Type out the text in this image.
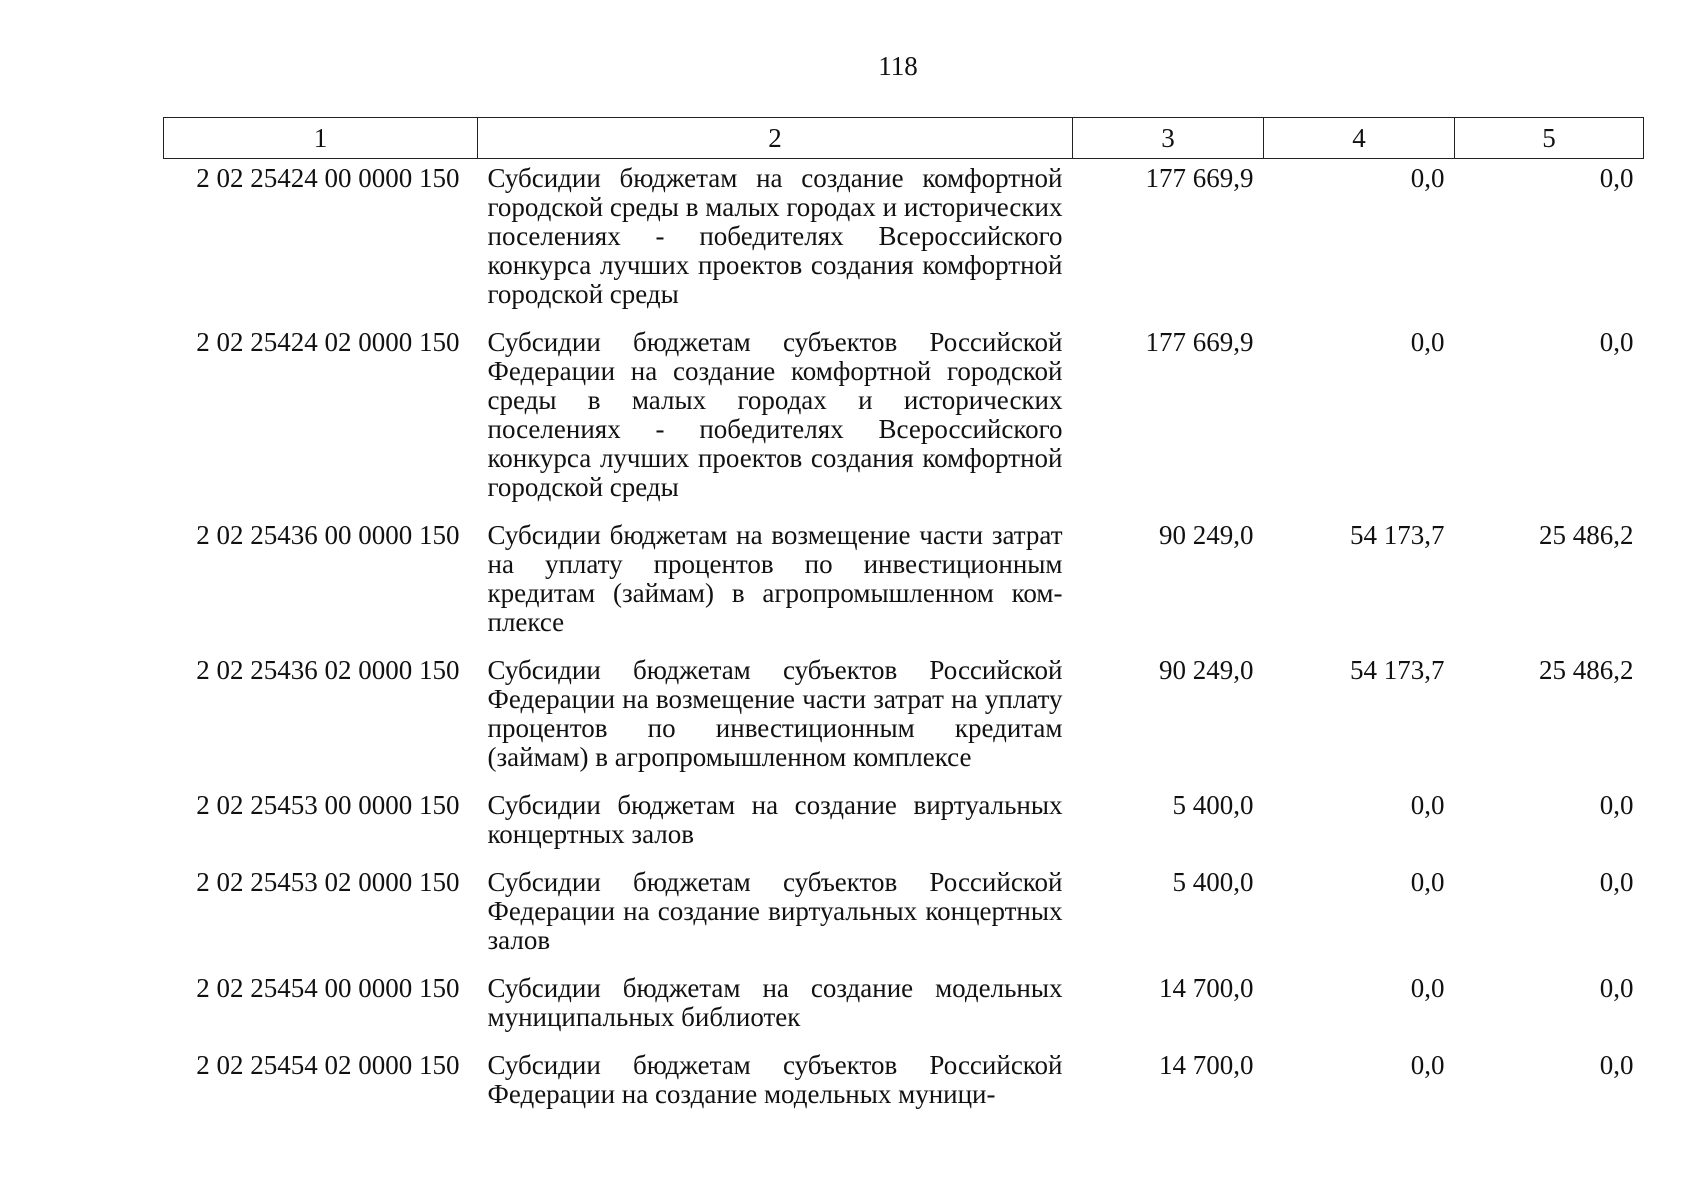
118
1	2	3	4	5
2 02 25424 00 0000 150	Субсидии бюджетам на создание комфортной городской среды в малых городах и исторических поселениях - победителях Всероссийского конкурса лучших проектов создания комфортной городской среды	177 669,9	0,0	0,0
2 02 25424 02 0000 150	Субсидии бюджетам субъектов Российской Федерации на создание комфортной городской среды в малых городах и исторических поселениях - победителях Всероссийского конкурса лучших проектов создания комфортной городской среды	177 669,9	0,0	0,0
2 02 25436 00 0000 150	Субсидии бюджетам на возмещение части затрат на уплату процентов по инвестиционным кредитам (займам) в агропромышленном комплексе	90 249,0	54 173,7	25 486,2
2 02 25436 02 0000 150	Субсидии бюджетам субъектов Российской Федерации на возмещение части затрат на уплату процентов по инвестиционным кредитам (займам) в агропромышленном комплексе	90 249,0	54 173,7	25 486,2
2 02 25453 00 0000 150	Субсидии бюджетам на создание виртуальных концертных залов	5 400,0	0,0	0,0
2 02 25453 02 0000 150	Субсидии бюджетам субъектов Российской Федерации на создание виртуальных концертных залов	5 400,0	0,0	0,0
2 02 25454 00 0000 150	Субсидии бюджетам на создание модельных муниципальных библиотек	14 700,0	0,0	0,0
2 02 25454 02 0000 150	Субсидии бюджетам субъектов Российской Федерации на создание модельных муници-	14 700,0	0,0	0,0
